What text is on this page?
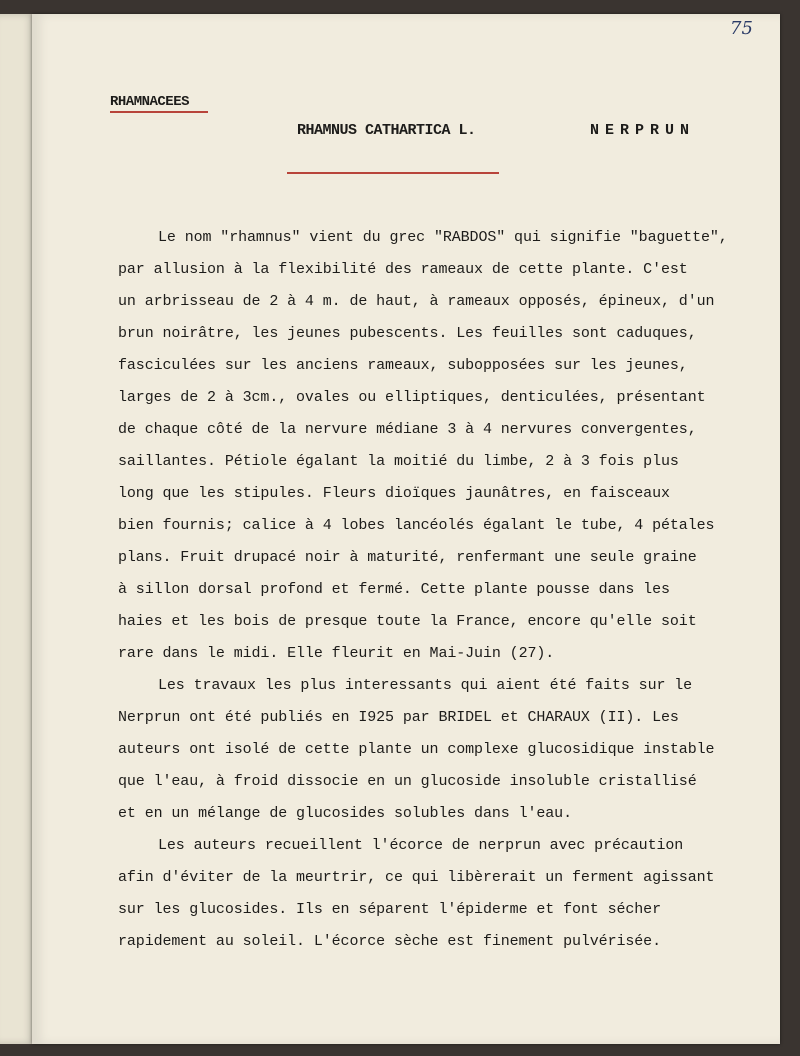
75
RHAMNACEES
RHAMNUS CATHARTICA L.	NERPRUN
Le nom "rhamnus" vient du grec "RABDOS" qui signifie "baguette",
par allusion à la flexibilité des rameaux de cette plante. C'est
un arbrisseau de 2 à 4 m. de haut, à rameaux opposés, épineux, d'un
brun noirâtre, les jeunes pubescents. Les feuilles sont caduques,
fasciculées sur les anciens rameaux, subopposées sur les jeunes,
larges de 2 à 3cm., ovales ou elliptiques, denticulées, présentant
de chaque côté de la nervure médiane 3 à 4 nervures convergentes,
saillantes. Pétiole égalant la moitié du limbe, 2 à 3 fois plus
long que les stipules. Fleurs dioïques jaunâtres, en faisceaux
bien fournis; calice à 4 lobes lancéolés égalant le tube, 4 pétales
plans. Fruit drupacé noir à maturité, renfermant une seule graine
à sillon dorsal profond et fermé. Cette plante pousse dans les
haies et les bois de presque toute la France, encore qu'elle soit
rare dans le midi. Elle fleurit en Mai-Juin (27).
Les travaux les plus interessants qui aient été faits sur le
Nerprun ont été publiés en I925 par BRIDEL et CHARAUX (II). Les
auteurs ont isolé de cette plante un complexe glucosidique instable
que l'eau, à froid dissocie en un glucoside insoluble cristallisé
et en un mélange de glucosides solubles dans l'eau.
Les auteurs recueillent l'écorce de nerprun avec précaution
afin d'éviter de la meurtrir, ce qui libèrerait un ferment agissant
sur les glucosides. Ils en séparent l'épiderme et font sécher
rapidement au soleil. L'écorce sèche est finement pulvérisée.
